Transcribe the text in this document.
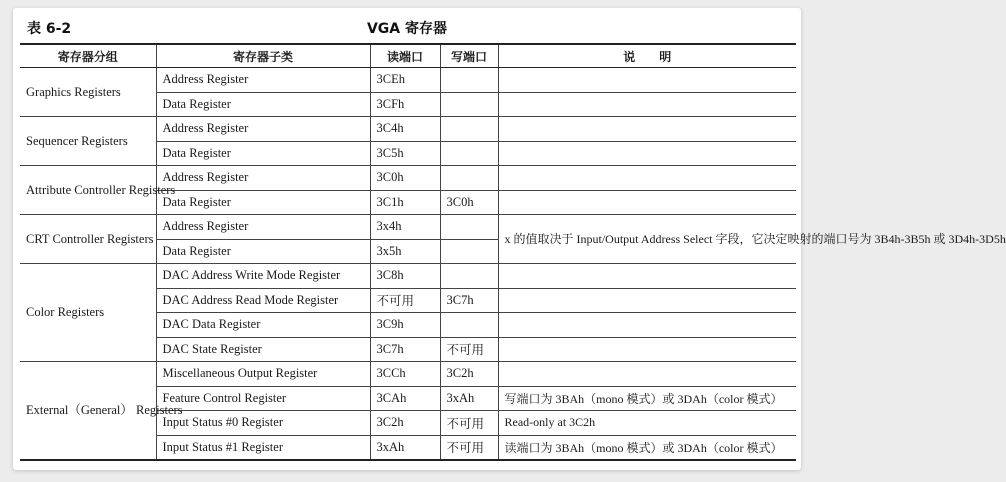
表 6-2	VGA 寄存器
寄存器分组	寄存器子类	读端口	写端口	说　　明
Graphics Registers	Address Register	3CEh		
	Data Register	3CFh		
Sequencer Registers	Address Register	3C4h		
	Data Register	3C5h		
Attribute Controller Registers	Address Register	3C0h		
	Data Register	3C1h	3C0h	
CRT Controller Registers	Address Register	3x4h		x 的值取决于 Input/Output Address Select 字段，它决定映射的端口号为 3B4h-3B5h 或 3D4h-3D5h
	Data Register	3x5h		
Color Registers	DAC Address Write Mode Register	3C8h		
	DAC Address Read Mode Register	不可用	3C7h	
	DAC Data Register	3C9h		
	DAC State Register	3C7h	不可用	
External（General） Registers	Miscellaneous Output Register	3CCh	3C2h	
	Feature Control Register	3CAh	3xAh	写端口为 3BAh（mono 模式）或 3DAh（color 模式）
	Input Status #0 Register	3C2h	不可用	Read-only at 3C2h
	Input Status #1 Register	3xAh	不可用	读端口为 3BAh（mono 模式）或 3DAh（color 模式）
